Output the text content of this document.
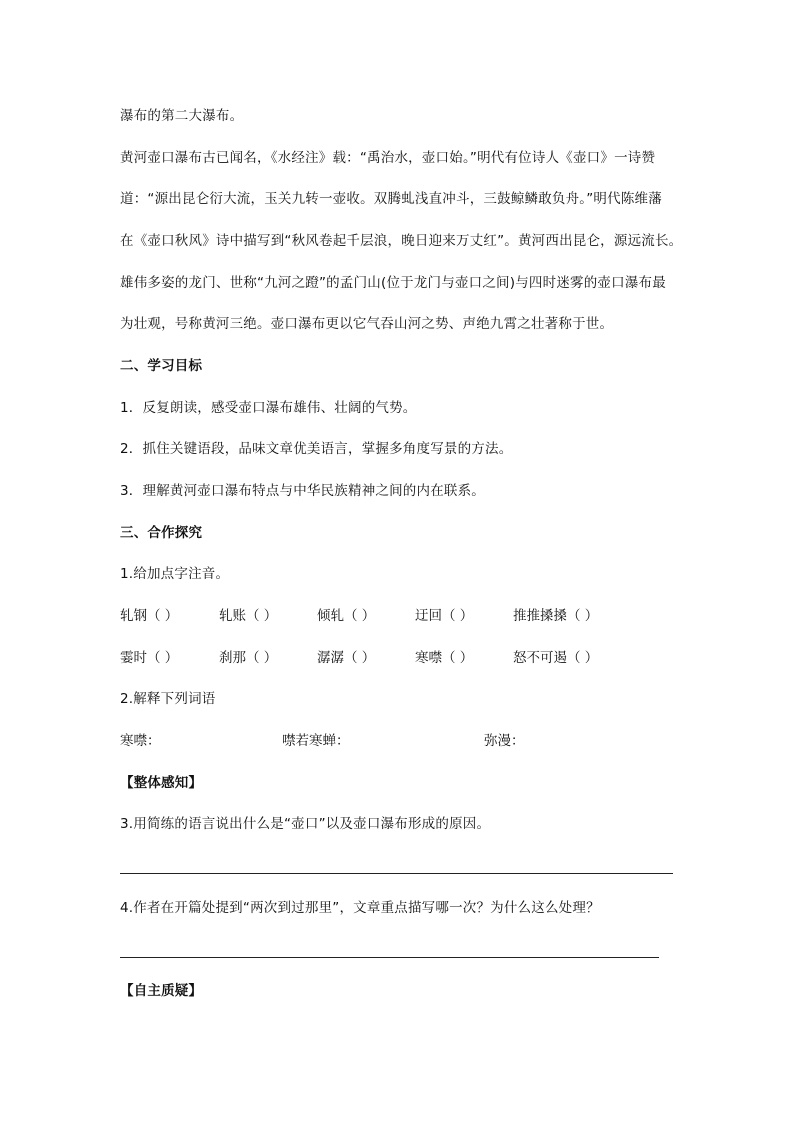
瀑布的第二大瀑布。
黄河壶口瀑布古已闻名，《水经注》载：“禹治水，壶口始。”明代有位诗人《壶口》一诗赞
道：“源出昆仑衍大流，玉关九转一壶收。双腾虬浅直冲斗，三鼓鲸鳞敢负舟。”明代陈维藩
在《壶口秋风》诗中描写到“秋风卷起千层浪，晚日迎来万丈红”。黄河西出昆仑，源远流长。
雄伟多姿的龙门、世称“九河之蹬”的孟门山(位于龙门与壶口之间)与四时迷雾的壶口瀑布最
为壮观，号称黄河三绝。壶口瀑布更以它气吞山河之势、声绝九霄之壮著称于世。
二、学习目标
1．反复朗读，感受壶口瀑布雄伟、壮阔的气势。
2．抓住关键语段，品味文章优美语言，掌握多角度写景的方法。
3．理解黄河壶口瀑布特点与中华民族精神之间的内在联系。
三、合作探究
1.给加点字注音。
轧钢（ ）	轧账（ ）	倾轧（ ）	迂回（ ）	推推搡搡（ ）
霎时（ ）	刹那（ ）	潺潺（ ）	寒噤（ ）	怒不可遏（ ）
2.解释下列词语
寒噤：	噤若寒蝉：	弥漫：
【整体感知】
3.用简练的语言说出什么是“壶口”以及壶口瀑布形成的原因。
4.作者在开篇处提到“两次到过那里”，文章重点描写哪一次？为什么这么处理？
【自主质疑】
